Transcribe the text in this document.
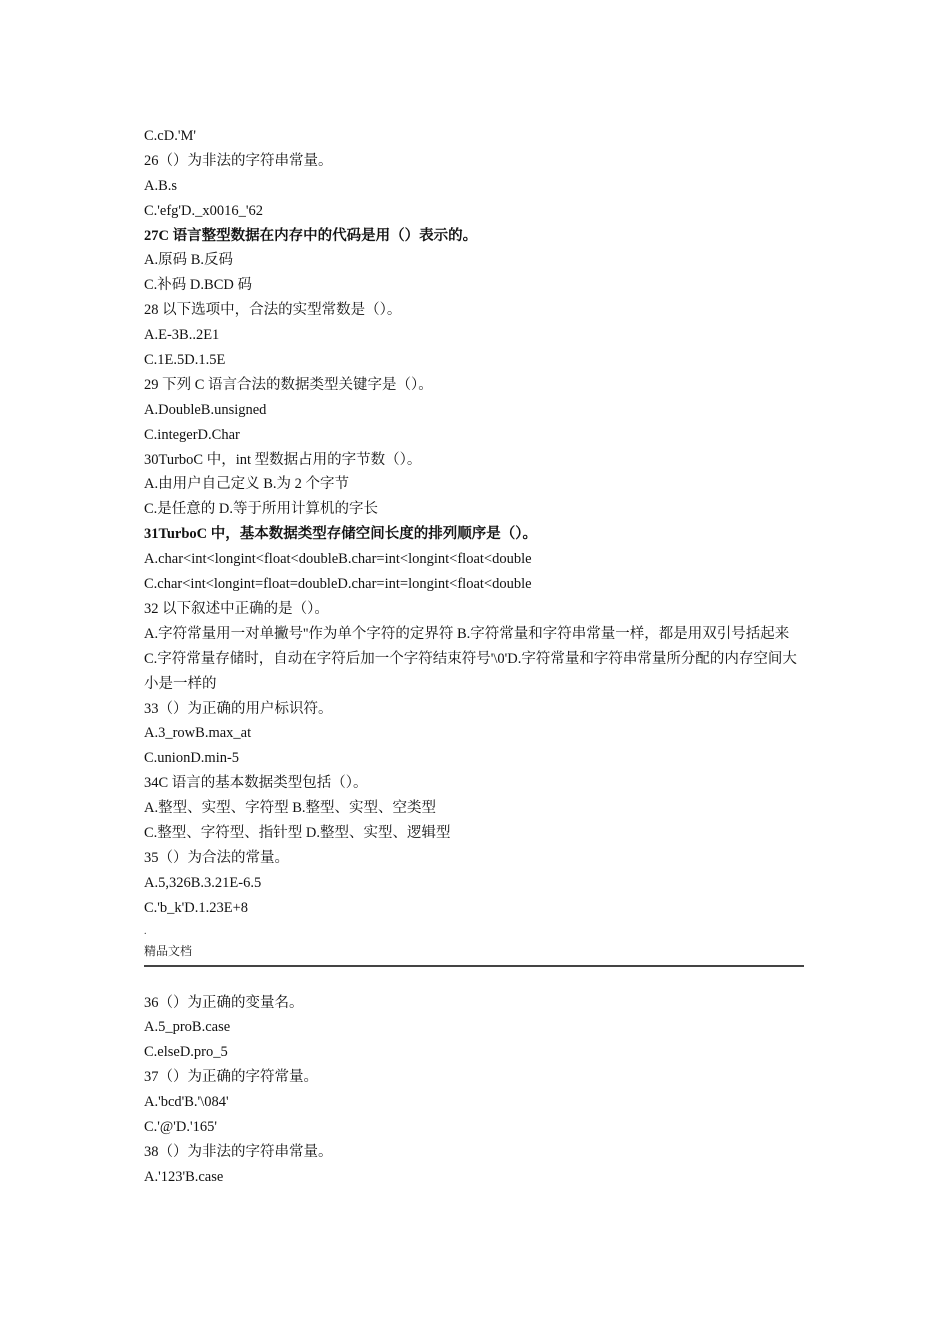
C.cD.'M'
26（）为非法的字符串常量。
A.B.s
C.'efg'D._x0016_'62
27C 语言整型数据在内存中的代码是用（）表示的。
A.原码 B.反码
C.补码 D.BCD 码
28 以下选项中，合法的实型常数是（）。
A.E-3B..2E1
C.1E.5D.1.5E
29 下列 C 语言合法的数据类型关键字是（）。
A.DoubleB.unsigned
C.integerD.Char
30TurboC 中，int 型数据占用的字节数（）。
A.由用户自己定义 B.为 2 个字节
C.是任意的 D.等于所用计算机的字长
31TurboC 中，基本数据类型存储空间长度的排列顺序是（）。
A.char<int<longint<float<doubleB.char=int<longint<float<double
C.char<int<longint=float=doubleD.char=int=longint<float<double
32 以下叙述中正确的是（）。
A.字符常量用一对单撇号''作为单个字符的定界符 B.字符常量和字符串常量一样，都是用双引号括起来
C.字符常量存储时，自动在字符后加一个字符结束符号'\0'D.字符常量和字符串常量所分配的内存空间大小是一样的
33（）为正确的用户标识符。
A.3_rowB.max_at
C.unionD.min-5
34C 语言的基本数据类型包括（）。
A.整型、实型、字符型 B.整型、实型、空类型
C.整型、字符型、指针型 D.整型、实型、逻辑型
35（）为合法的常量。
A.5,326B.3.21E-6.5
C.'b_k'D.1.23E+8
.
精品文档
36（）为正确的变量名。
A.5_proB.case
C.elseD.pro_5
37（）为正确的字符常量。
A.'bcd'B.'\084'
C.'@'D.'165'
38（）为非法的字符串常量。
A.'123'B.case
